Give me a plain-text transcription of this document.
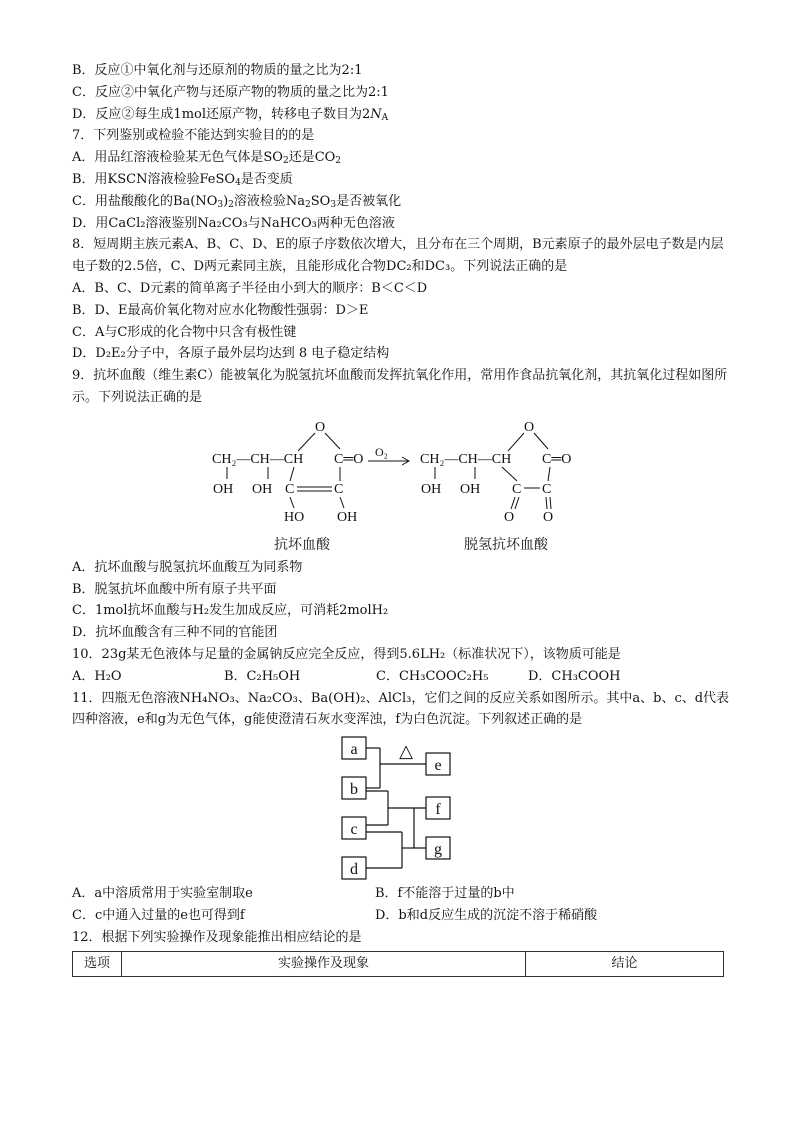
B．反应①中氧化剂与还原剂的物质的量之比为2:1
C．反应②中氧化产物与还原产物的物质的量之比为2:1
D．反应②每生成1mol还原产物，转移电子数目为$2N_A$
7．下列鉴别或检验不能达到实验目的的是
A．用品红溶液检验某无色气体是$SO_2$还是$CO_2$
B．用KSCN溶液检验FeSO$_4$是否变质
C．用盐酸酸化的$Ba(NO_3)_2$溶液检验$Na_2SO_3$是否被氧化
D．用CaCl₂溶液鉴别Na₂CO₃与NaHCO₃两种无色溶液
8．短周期主族元素A、B、C、D、E的原子序数依次增大，且分布在三个周期，B元素原子的最外层电子数是内层电子数的2.5倍，C、D两元素同主族，且能形成化合物DC₂和DC₃。下列说法正确的是
A．B、C、D元素的简单离子半径由小到大的顺序：B＜C＜D
B．D、E最高价氧化物对应水化物酸性强弱：D＞E
C．A与C形成的化合物中只含有极性键
D．D₂E₂分子中，各原子最外层均达到 8 电子稳定结构
9．抗坏血酸（维生素C）能被氧化为脱氢抗坏血酸而发挥抗氧化作用，常用作食品抗氧化剂，其抗氧化过程如图所示。下列说法正确的是
CH₂—CH—CH
O
C═O
OH OH C	C
HO OH
抗坏血酸
O₂ CH₂—CH—CH
O
C═O
OH OH C C
O O
脱氢抗坏血酸
A．抗坏血酸与脱氢抗坏血酸互为同系物
B．脱氢抗坏血酸中所有原子共平面
C．1mol抗坏血酸与H₂发生加成反应，可消耗2molH₂
D．抗坏血酸含有三种不同的官能团
10．23g某无色液体与足量的金属钠反应完全反应，得到5.6LH₂（标准状况下），该物质可能是
A．H₂O	B．C₂H₅OH	C．CH₃COOC₂H₅	D．CH₃COOH
11．四瓶无色溶液NH₄NO₃、Na₂CO₃、Ba(OH)₂、AlCl₃，它们之间的反应关系如图所示。其中a、b、c、d代表四种溶液，e和g为无色气体，g能使澄清石灰水变浑浊，f为白色沉淀。下列叙述正确的是
a
b
c
d
e
f
g
△
A．a中溶质常用于实验室制取e	B．f不能溶于过量的b中
C．c中通入过量的e也可得到f	D．b和d反应生成的沉淀不溶于稀硝酸
12．根据下列实验操作及现象能推出相应结论的是
选项	实验操作及现象	结论
